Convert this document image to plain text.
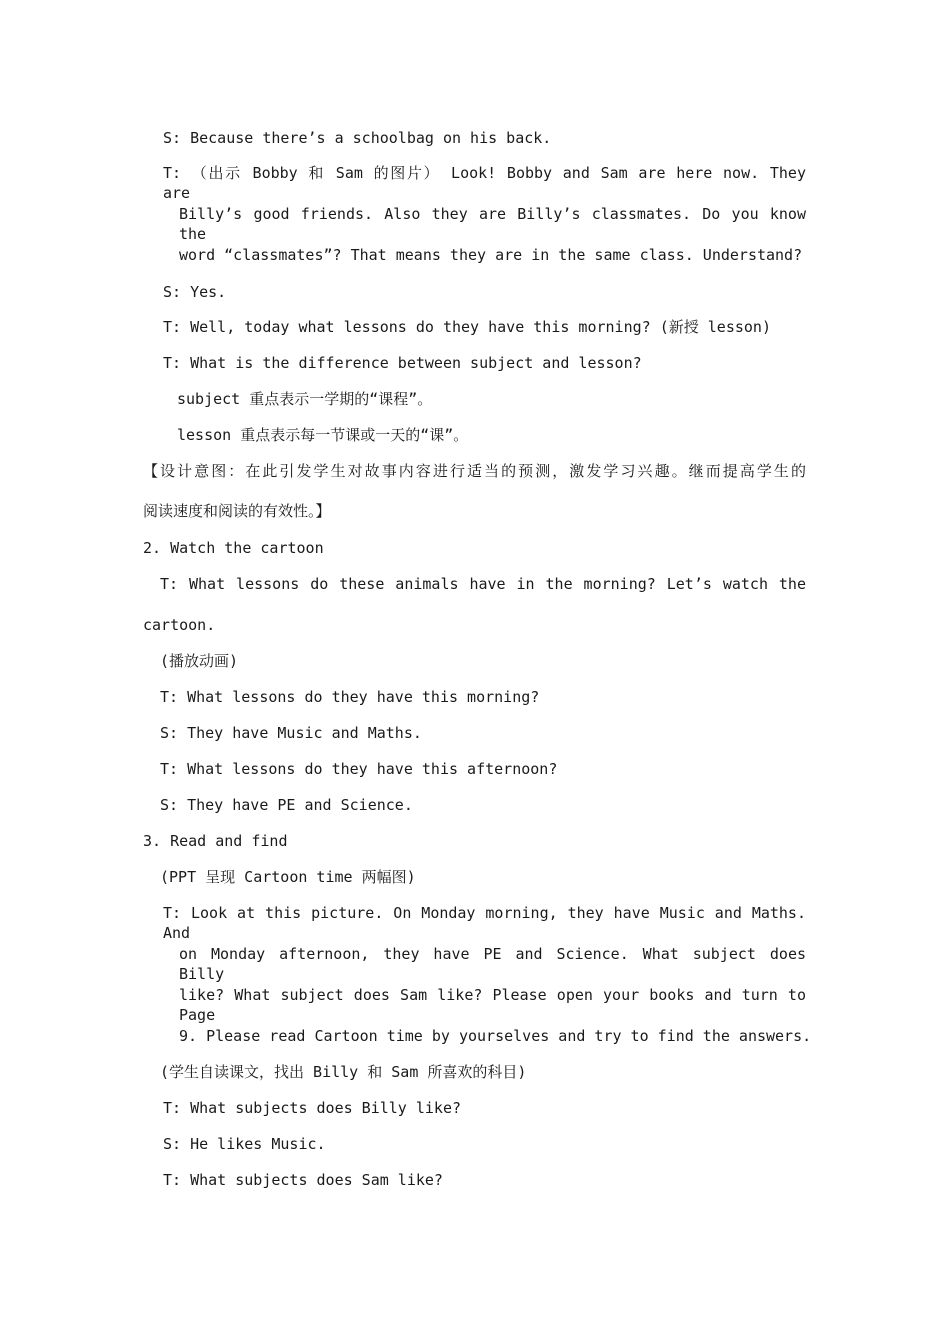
S: Because there’s a schoolbag on his back.
T: （出示 Bobby 和 Sam 的图片） Look! Bobby and Sam are here now. They are
Billy’s good friends. Also they are Billy’s classmates. Do you know the
word “classmates”? That means they are in the same class. Understand?
S: Yes.
T: Well, today what lessons do they have this morning? (新授 lesson)
T: What is the difference between subject and lesson?
subject 重点表示一学期的“课程”。
lesson 重点表示每一节课或一天的“课”。
【设计意图：在此引发学生对故事内容进行适当的预测，激发学习兴趣。继而提高学生的
阅读速度和阅读的有效性。】
2. Watch the cartoon
T: What lessons do these animals have in the morning? Let’s watch the
cartoon.
(播放动画)
T: What lessons do they have this morning?
S: They have Music and Maths.
T: What lessons do they have this afternoon?
S: They have PE and Science.
3. Read and find
(PPT 呈现 Cartoon time 两幅图)
T: Look at this picture. On Monday morning, they have Music and Maths. And
on Monday afternoon, they have PE and Science. What subject does Billy
like? What subject does Sam like? Please open your books and turn to Page
9. Please read Cartoon time by yourselves and try to find the answers.
(学生自读课文，找出 Billy 和 Sam 所喜欢的科目)
T: What subjects does Billy like?
S: He likes Music.
T: What subjects does Sam like?
